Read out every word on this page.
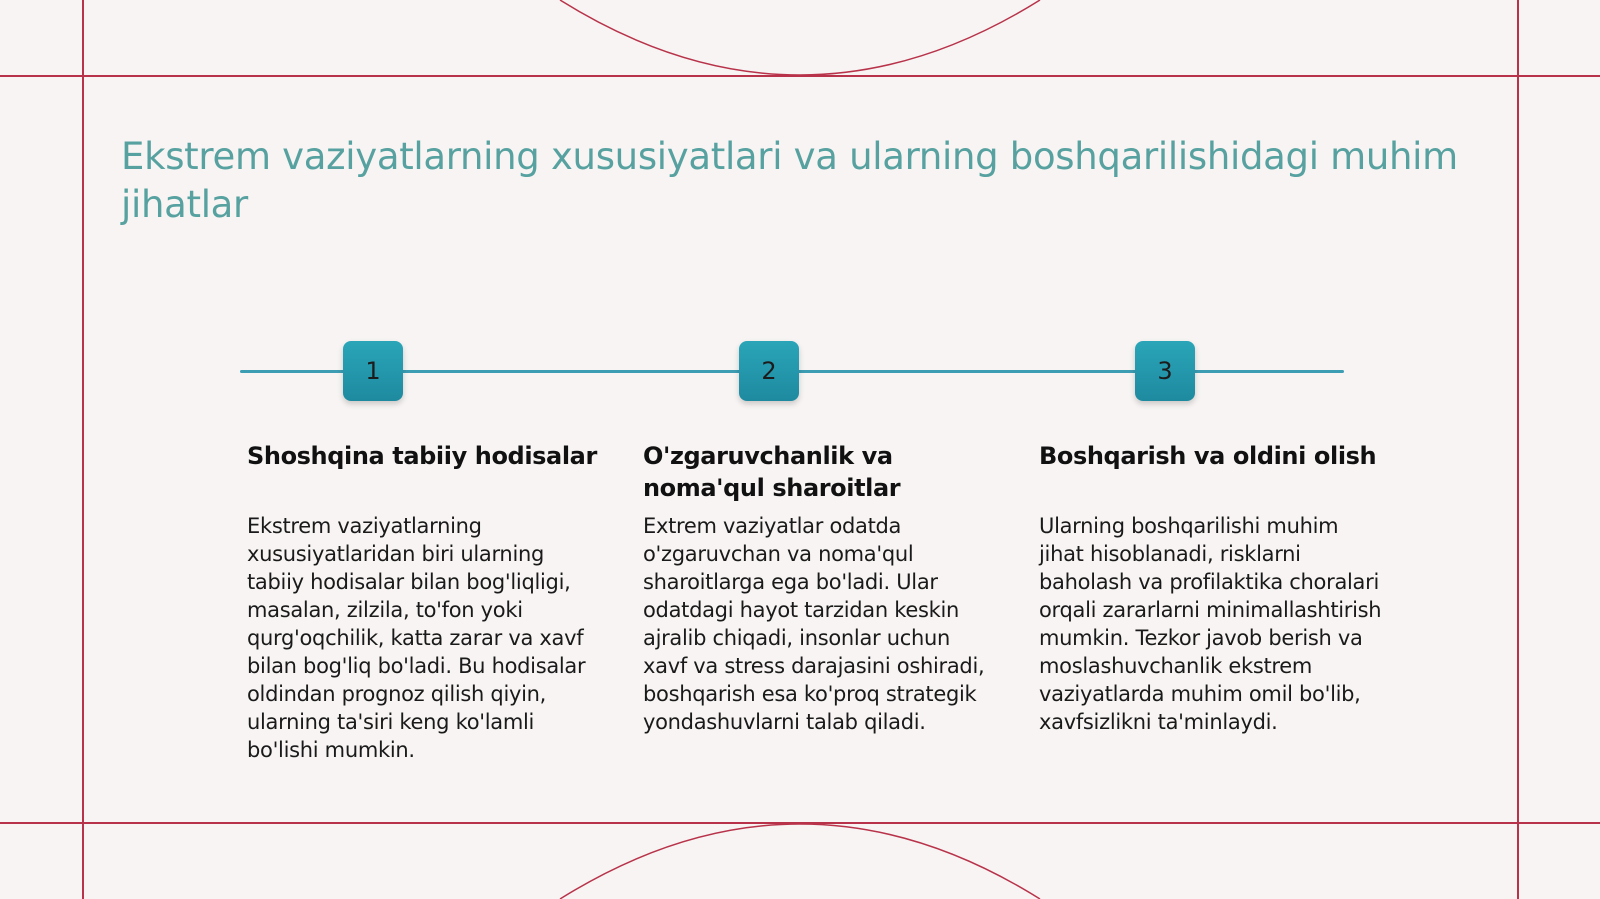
Ekstrem vaziyatlarning xususiyatlari va ularning boshqarilishidagi muhim jihatlar
1	2	3
Shoshqina tabiiy hodisalar	O'zgaruvchanlik va noma'qul sharoitlar
Boshqarish va oldini olish

Ekstrem vaziyatlarning xususiyatlaridan biri ularning tabiiy hodisalar bilan bog'liqligi, masalan, zilzila, to'fon yoki qurg'oqchilik, katta zarar va xavf bilan bog'liq bo'ladi. Bu hodisalar oldindan prognoz qilish qiyin, ularning ta'siri keng ko'lamli bo'lishi mumkin.

Extrem vaziyatlar odatda o'zgaruvchan va noma'qul sharoitlarga ega bo'ladi. Ular odatdagi hayot tarzidan keskin ajralib chiqadi, insonlar uchun xavf va stress darajasini oshiradi, boshqarish esa ko'proq strategik yondashuvlarni talab qiladi.

Ularning boshqarilishi muhim jihat hisoblanadi, risklarni baholash va profilaktika choralari orqali zararlarni minimallashtirish mumkin. Tezkor javob berish va moslashuvchanlik ekstrem vaziyatlarda muhim omil bo'lib, xavfsizlikni ta'minlaydi.
